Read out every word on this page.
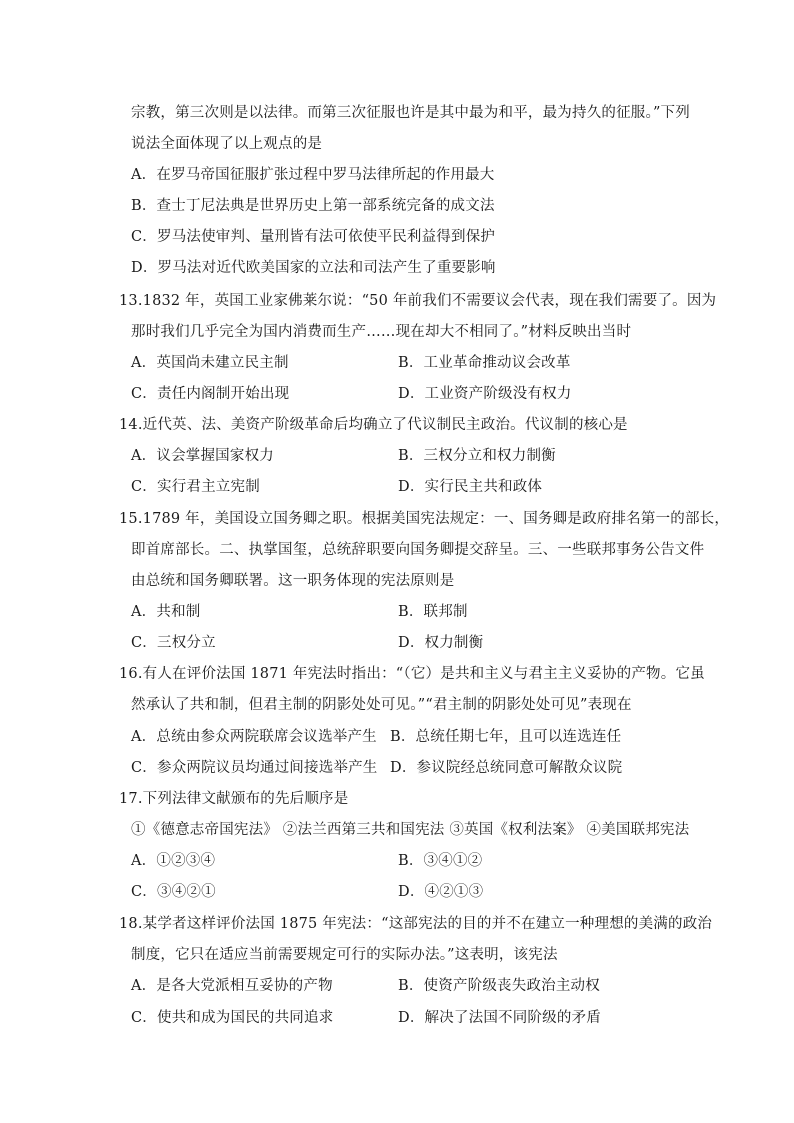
宗教，第三次则是以法律。而第三次征服也许是其中最为和平，最为持久的征服。”下列
说法全面体现了以上观点的是
A．在罗马帝国征服扩张过程中罗马法律所起的作用最大
B．查士丁尼法典是世界历史上第一部系统完备的成文法
C．罗马法使审判、量刑皆有法可依使平民利益得到保护
D．罗马法对近代欧美国家的立法和司法产生了重要影响
13.1832 年，英国工业家佛莱尔说：“50 年前我们不需要议会代表，现在我们需要了。因为
那时我们几乎完全为国内消费而生产……现在却大不相同了。”材料反映出当时
A．英国尚未建立民主制	B．工业革命推动议会改革
C．责任内阁制开始出现	D．工业资产阶级没有权力
14.近代英、法、美资产阶级革命后均确立了代议制民主政治。代议制的核心是
A．议会掌握国家权力	B．三权分立和权力制衡
C．实行君主立宪制	D．实行民主共和政体
15.1789 年，美国设立国务卿之职。根据美国宪法规定：一、国务卿是政府排名第一的部长，
即首席部长。二、执掌国玺，总统辞职要向国务卿提交辞呈。三、一些联邦事务公告文件
由总统和国务卿联署。这一职务体现的宪法原则是
A．共和制	B．联邦制
C．三权分立	D．权力制衡
16.有人在评价法国 1871 年宪法时指出：“（它）是共和主义与君主主义妥协的产物。它虽
然承认了共和制，但君主制的阴影处处可见。”“君主制的阴影处处可见”表现在
A．总统由参众两院联席会议选举产生 B．总统任期七年，且可以连选连任
C．参众两院议员均通过间接选举产生 D．参议院经总统同意可解散众议院
17.下列法律文献颁布的先后顺序是
①《德意志帝国宪法》 ②法兰西第三共和国宪法 ③英国《权利法案》 ④美国联邦宪法
A．①②③④	B．③④①②
C．③④②①	D．④②①③
18.某学者这样评价法国 1875 年宪法：“这部宪法的目的并不在建立一种理想的美满的政治
制度，它只在适应当前需要规定可行的实际办法。”这表明，该宪法
A．是各大党派相互妥协的产物	B．使资产阶级丧失政治主动权
C．使共和成为国民的共同追求	D．解决了法国不同阶级的矛盾
